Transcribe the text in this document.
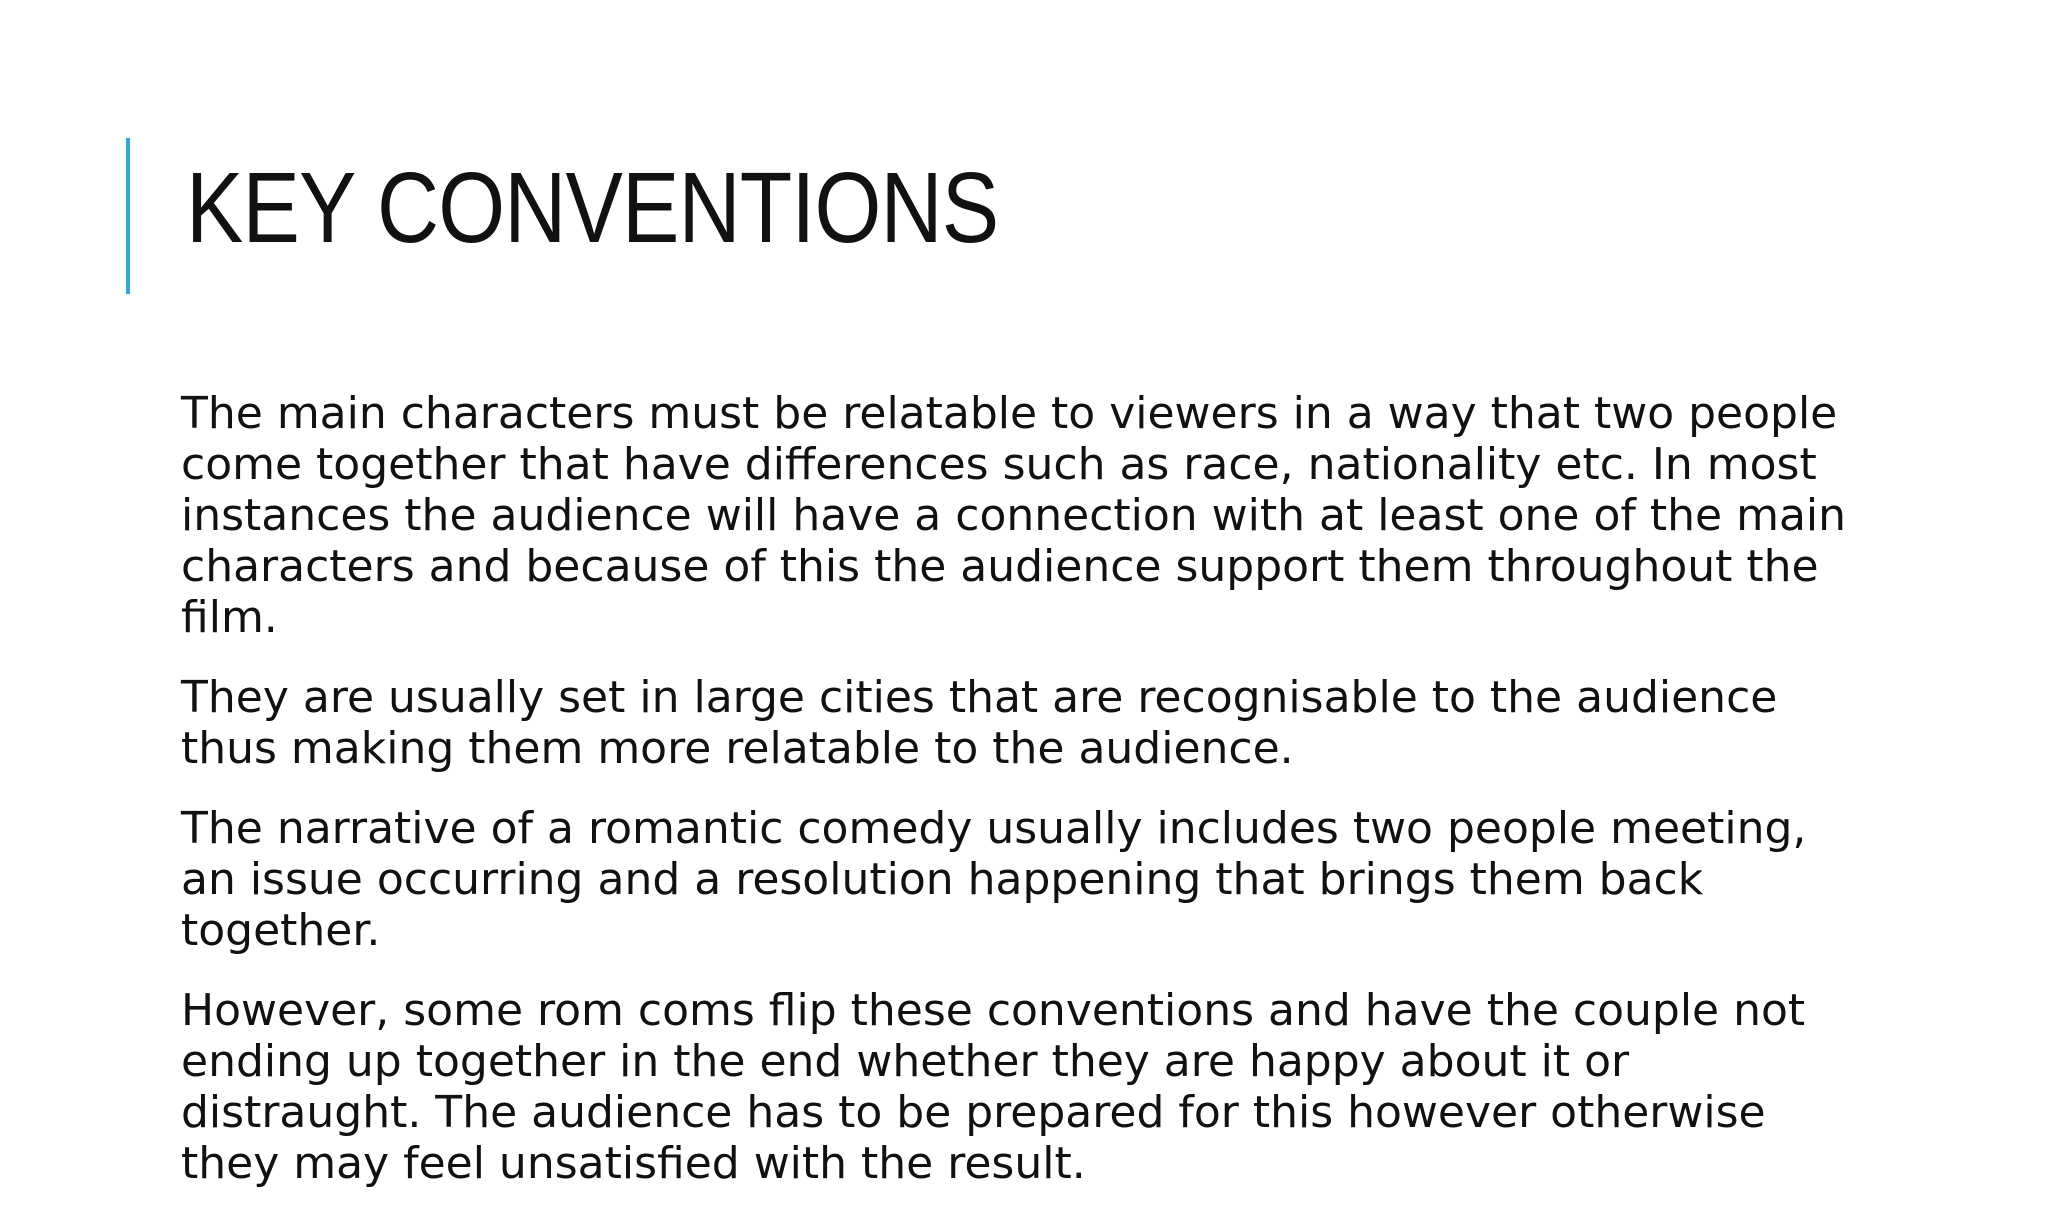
KEY CONVENTIONS

The main characters must be relatable to viewers in a way that two people come together that have differences such as race, nationality etc. In most instances the audience will have a connection with at least one of the main characters and because of this the audience support them throughout the film.

They are usually set in large cities that are recognisable to the audience thus making them more relatable to the audience.

The narrative of a romantic comedy usually includes two people meeting, an issue occurring and a resolution happening that brings them back together.

However, some rom coms flip these conventions and have the couple not ending up together in the end whether they are happy about it or distraught. The audience has to be prepared for this however otherwise they may feel unsatisfied with the result.
